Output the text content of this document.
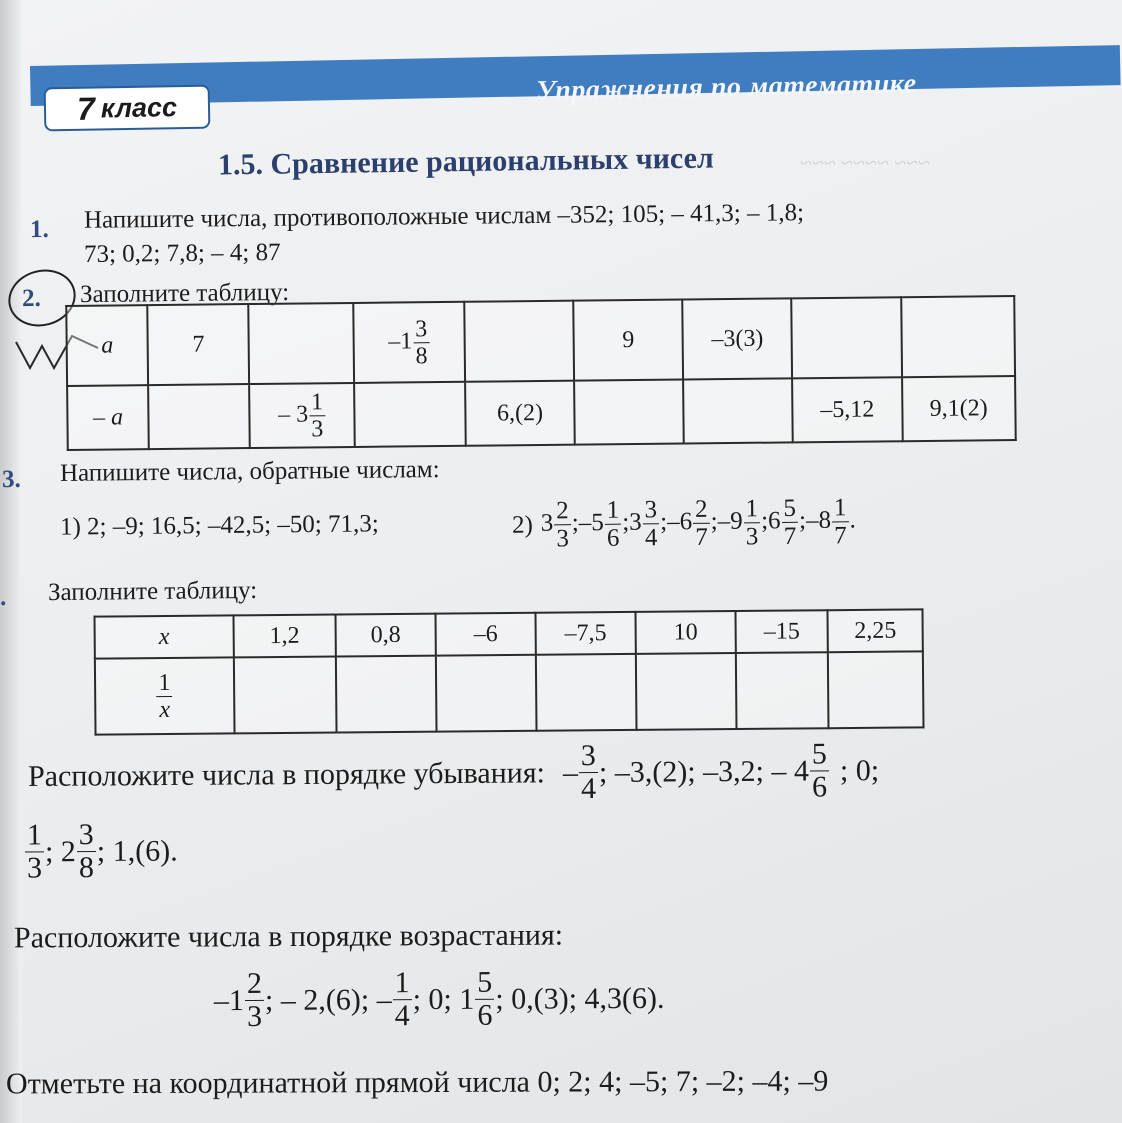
​~~~ ~~~~ ~~~
7 класс
Упражнения по математике
1.5. Сравнение рациональных чисел
1. Напишите числа, противоположные числам –352; 105; – 41,3; – 1,8;
73; 0,2; 7,8; – 4; 87
2. Заполните таблицу:
a	7		$-1 \frac{3}{8}$		9	–3(3)		
– a		– $3 \frac{1}{3}$		6,(2)			–5,12	9,1(2)
3. Напишите числа, обратные числам:
1) 2; –9; 16,5; –42,5; –50; 71,3;	2) $3 \frac{2}{3}$ ;–5 $\frac{1}{6}$ ;3 $\frac{3}{4}$ ;–6 $\frac{2}{7}$ ;–9 $\frac{1}{3}$ ;6 $\frac{5}{7}$ ;–8 $\frac{1}{7}$ .
. Заполните таблицу:
x	1,2	0,8	–6	–7,5	10	–15	2,25

$\frac{1}{x}$

Расположите числа в порядке убывания: – $\frac{3}{4}$ ; –3,(2); –3,2; – $4 \frac{5}{6}$ ; 0;
$\frac{1}{3}$ ; $2 \frac{3}{8}$ ; 1,(6).
Расположите числа в порядке возрастания:
$-1 \frac{2}{3}$ ; – 2,(6); – $\frac{1}{4}$ ; 0; $1 \frac{5}{6}$ ; 0,(3); 4,3(6).
Отметьте на координатной прямой числа 0; 2; 4; –5; 7; –2; –4; –9
